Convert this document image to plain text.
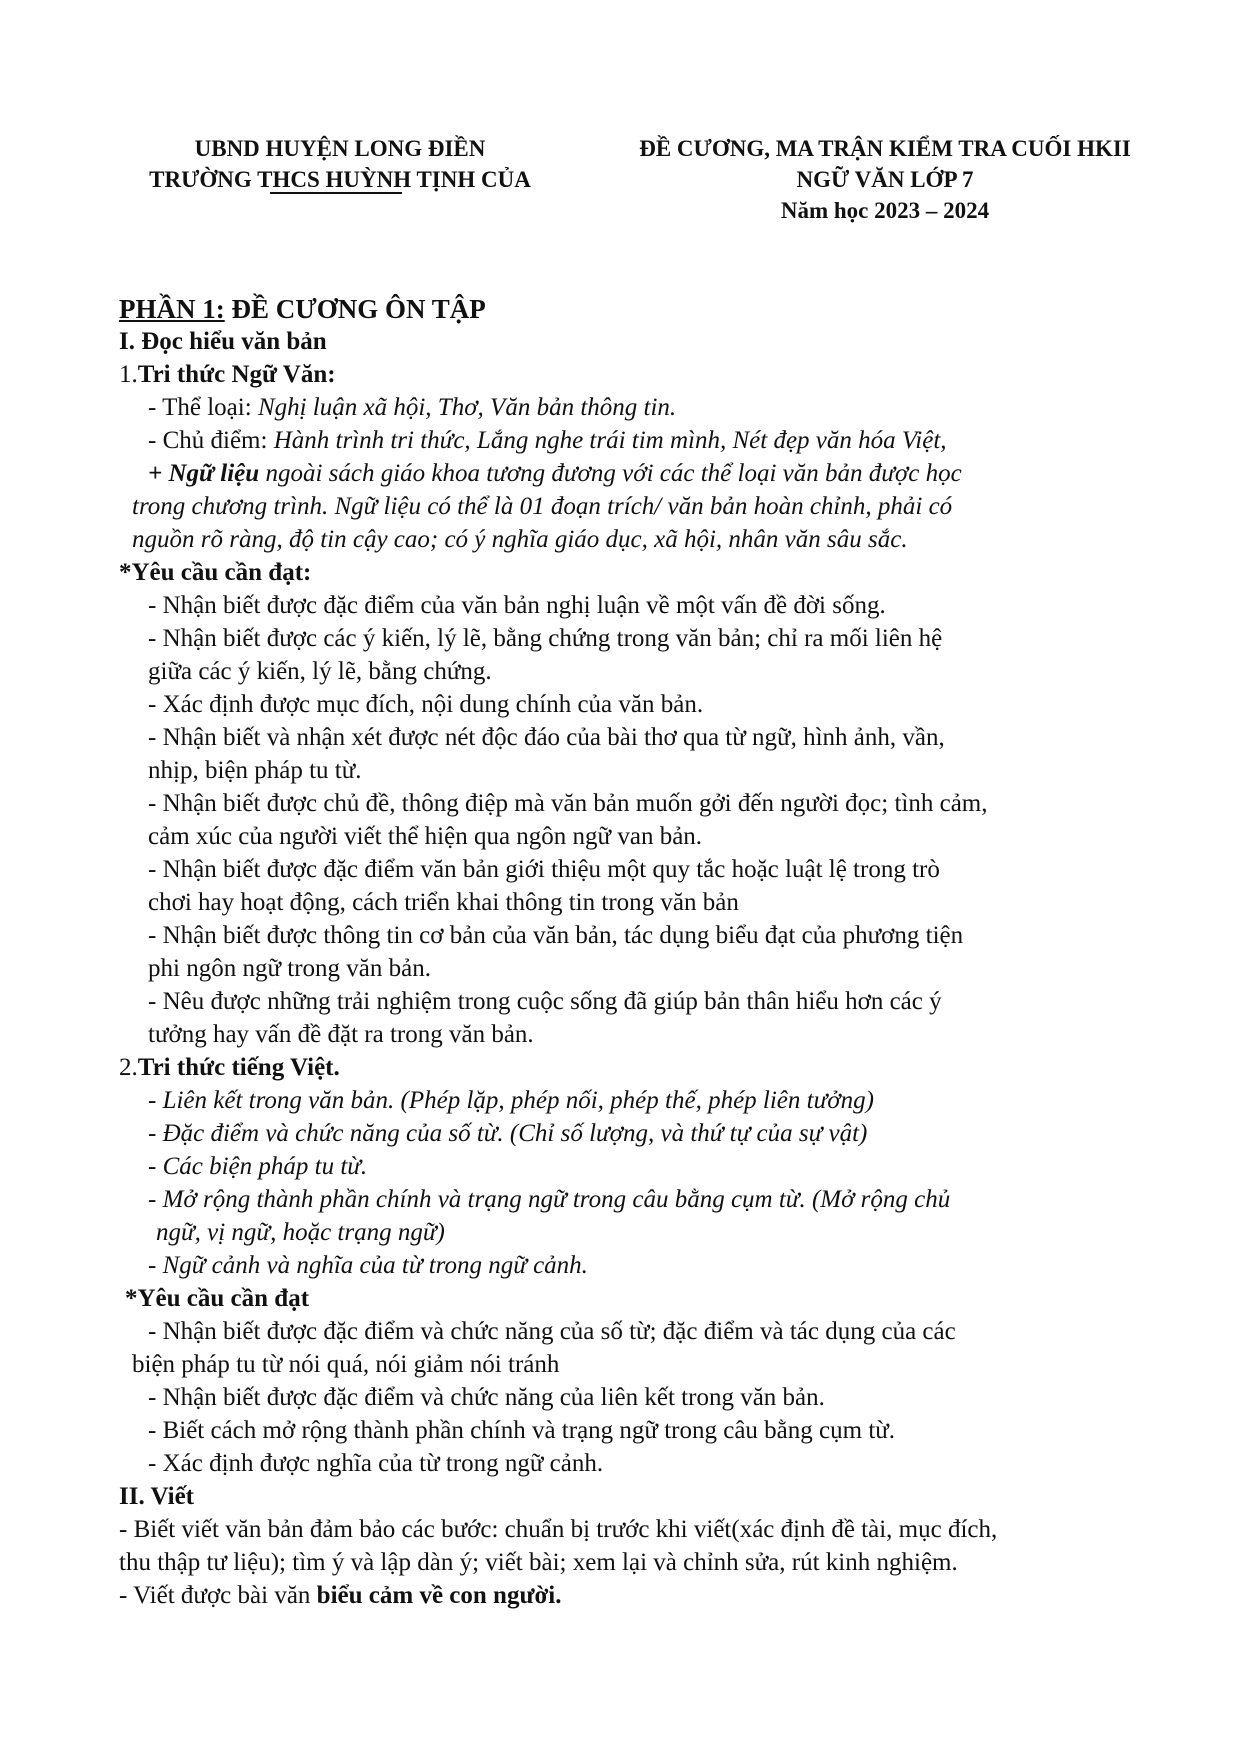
UBND HUYỆN LONG ĐIỀN
TRƯỜNG THCS HUỲNH TỊNH CỦA
ĐỀ CƯƠNG, MA TRẬN KIỂM TRA CUỐI HKII
NGỮ VĂN LỚP 7
Năm học 2023 – 2024
PHẦN 1: ĐỀ CƯƠNG ÔN TẬP
I. Đọc hiểu văn bản
1.Tri thức Ngữ Văn:
- Thể loại: Nghị luận xã hội, Thơ, Văn bản thông tin.
- Chủ điểm: Hành trình tri thức, Lắng nghe trái tim mình, Nét đẹp văn hóa Việt,
+ Ngữ liệu ngoài sách giáo khoa tương đương với các thể loại văn bản được học
trong chương trình. Ngữ liệu có thể là 01 đoạn trích/ văn bản hoàn chỉnh, phải có
nguồn rõ ràng, độ tin cậy cao; có ý nghĩa giáo dục, xã hội, nhân văn sâu sắc.
*Yêu cầu cần đạt:
- Nhận biết được đặc điểm của văn bản nghị luận về một vấn đề đời sống.
- Nhận biết được các ý kiến, lý lẽ, bằng chứng trong văn bản; chỉ ra mối liên hệ
giữa các ý kiến, lý lẽ, bằng chứng.
- Xác định được mục đích, nội dung chính của văn bản.
- Nhận biết và nhận xét được nét độc đáo của bài thơ qua từ ngữ, hình ảnh, vần,
nhịp, biện pháp tu từ.
- Nhận biết được chủ đề, thông điệp mà văn bản muốn gởi đến người đọc; tình cảm,
cảm xúc của người viết thể hiện qua ngôn ngữ van bản.
- Nhận biết được đặc điểm văn bản giới thiệu một quy tắc hoặc luật lệ trong trò
chơi hay hoạt động, cách triển khai thông tin trong văn bản
- Nhận biết được thông tin cơ bản của văn bản, tác dụng biểu đạt của phương tiện
phi ngôn ngữ trong văn bản.
- Nêu được những trải nghiệm trong cuộc sống đã giúp bản thân hiểu hơn các ý
tưởng hay vấn đề đặt ra trong văn bản.
2.Tri thức tiếng Việt.
- Liên kết trong văn bản. (Phép lặp, phép nối, phép thế, phép liên tưởng)
- Đặc điểm và chức năng của số từ. (Chỉ số lượng, và thứ tự của sự vật)
- Các biện pháp tu từ.
- Mở rộng thành phần chính và trạng ngữ trong câu bằng cụm từ. (Mở rộng chủ
ngữ, vị ngữ, hoặc trạng ngữ)
- Ngữ cảnh và nghĩa của từ trong ngữ cảnh.
*Yêu cầu cần đạt
- Nhận biết được đặc điểm và chức năng của số từ; đặc điểm và tác dụng của các
biện pháp tu từ nói quá, nói giảm nói tránh
- Nhận biết được đặc điểm và chức năng của liên kết trong văn bản.
- Biết cách mở rộng thành phần chính và trạng ngữ trong câu bằng cụm từ.
- Xác định được nghĩa của từ trong ngữ cảnh.
II. Viết
- Biết viết văn bản đảm bảo các bước: chuẩn bị trước khi viết(xác định đề tài, mục đích,
thu thập tư liệu); tìm ý và lập dàn ý; viết bài; xem lại và chỉnh sửa, rút kinh nghiệm.
- Viết được bài văn biểu cảm về con người.
